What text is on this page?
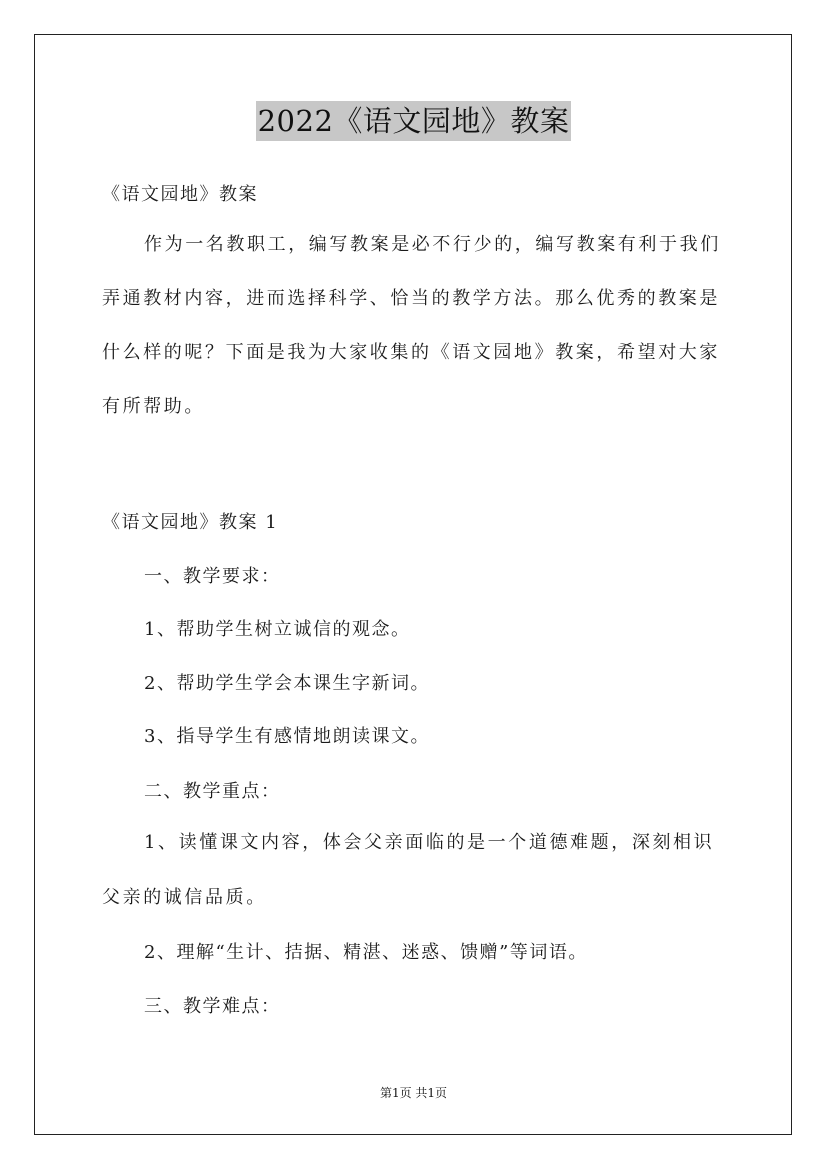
2022《语文园地》教案
《语文园地》教案
作为一名教职工，编写教案是必不行少的，编写教案有利于我们弄通教材内容，进而选择科学、恰当的教学方法。那么优秀的教案是什么样的呢？下面是我为大家收集的《语文园地》教案，希望对大家有所帮助。
《语文园地》教案 1
一、教学要求：
1、帮助学生树立诚信的观念。
2、帮助学生学会本课生字新词。
3、指导学生有感情地朗读课文。
二、教学重点：
1、读懂课文内容，体会父亲面临的是一个道德难题，深刻相识父亲的诚信品质。
2、理解“生计、拮据、精湛、迷惑、馈赠”等词语。
三、教学难点：
第1页 共1页
